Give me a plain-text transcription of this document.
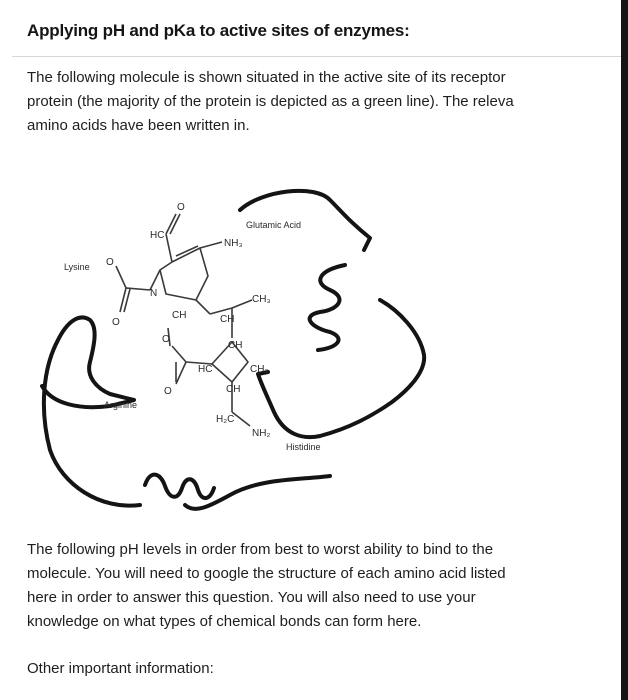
Applying pH and pKa to active sites of enzymes:
The following molecule is shown situated in the active site of its receptor
protein (the majority of the protein is depicted as a green line). The releva
amino acids have been written in.
HC
O
NH₃
O
N
O
CH₃
CH	CH
CH
O
HC	CH₃
CH
O
H₂C
NH₂
Glutamic Acid
Lysine
Arginine
Histidine
The following pH levels in order from best to worst ability to bind to the
molecule. You will need to google the structure of each amino acid listed
here in order to answer this question. You will also need to use your
knowledge on what types of chemical bonds can form here.
Other important information:
